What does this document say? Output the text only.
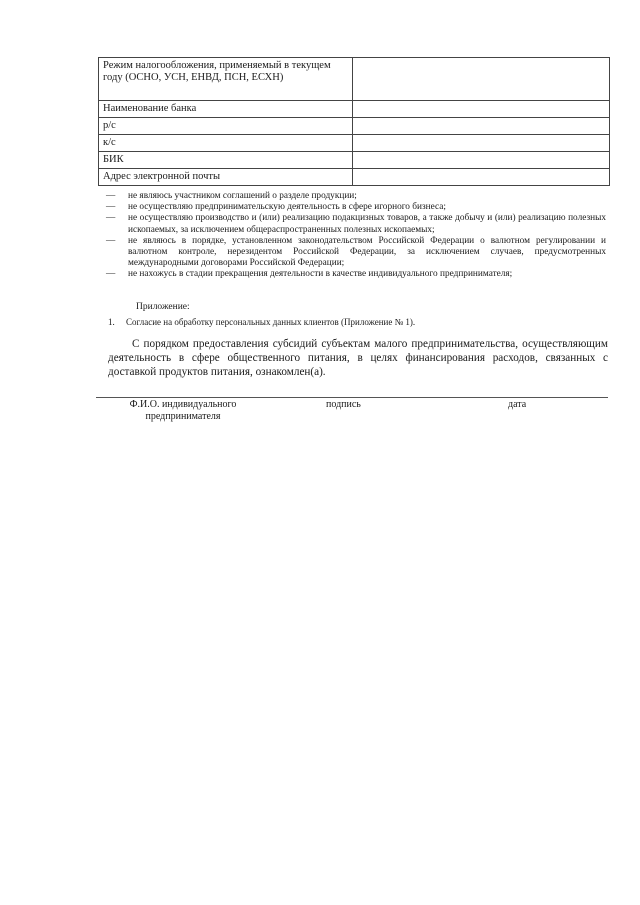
Режим налогообложения, применяемый в текущем году (ОСНО, УСН, ЕНВД, ПСН, ЕСХН)	
Наименование банка	
р/с	
к/с	
БИК	
Адрес электронной почты	
— не являюсь участником соглашений о разделе продукции;
— не осуществляю предпринимательскую деятельность в сфере игорного бизнеса;
— не осуществляю производство и (или) реализацию подакцизных товаров, а также добычу и (или) реализацию полезных ископаемых, за исключением общераспространенных полезных ископаемых;
— не являюсь в порядке, установленном законодательством Российской Федерации о валютном регулировании и валютном контроле, нерезидентом Российской Федерации, за исключением случаев, предусмотренных международными договорами Российской Федерации;
— не нахожусь в стадии прекращения деятельности в качестве индивидуального предпринимателя;
Приложение:
1. Согласие на обработку персональных данных клиентов (Приложение № 1).
С порядком предоставления субсидий субъектам малого предпринимательства, осуществляющим деятельность в сфере общественного питания, в целях финансирования расходов, связанных с доставкой продуктов питания, ознакомлен(а).
Ф.И.О. индивидуального предпринимателя
подпись	дата
